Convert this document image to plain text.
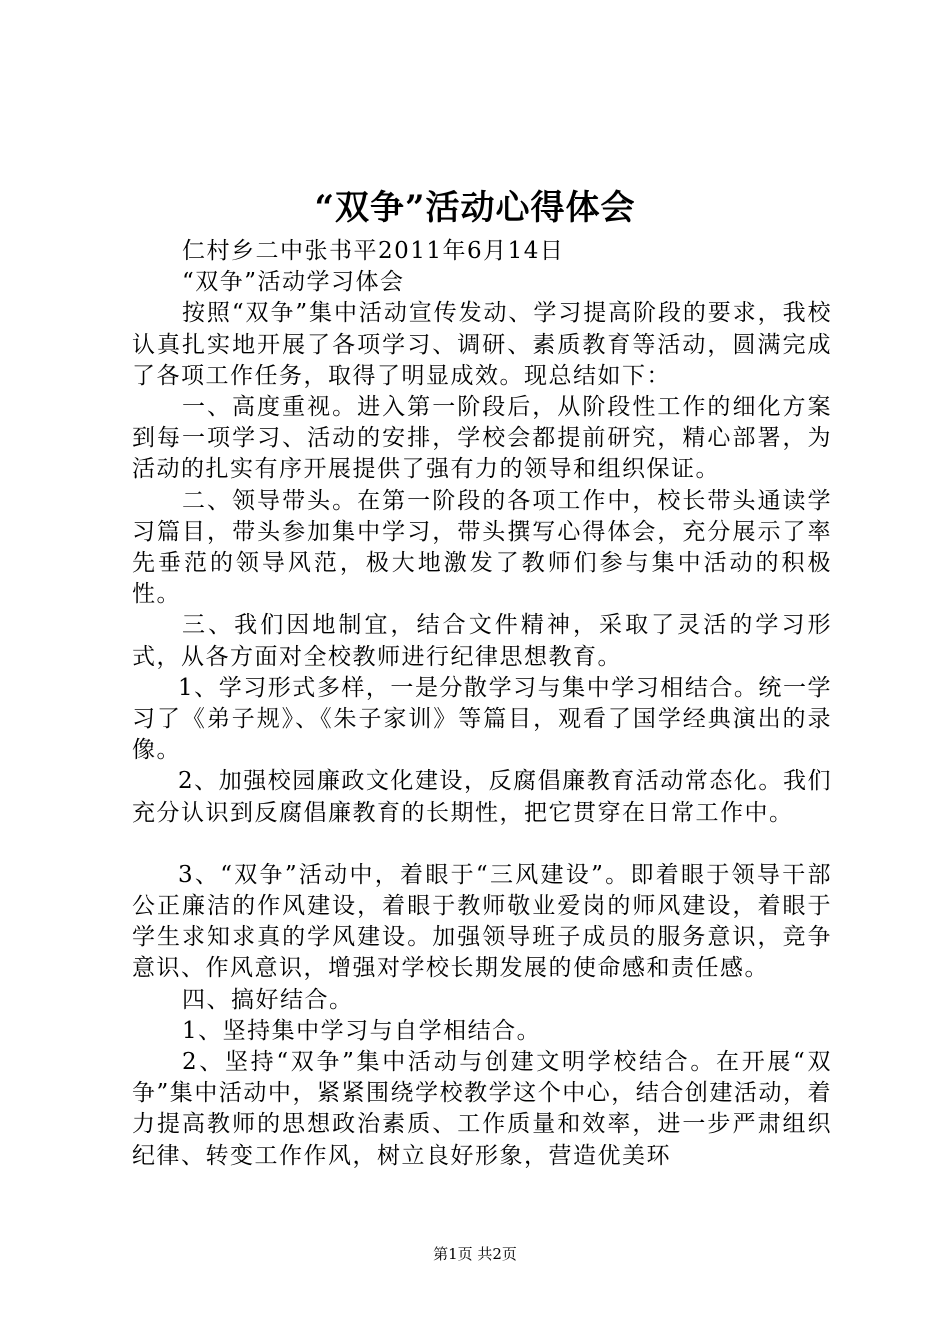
“双争”活动心得体会

仁村乡二中张书平2011年6月14日

“双争”活动学习体会

按照“双争”集中活动宣传发动、学习提高阶段的要求，我校认真扎实地开展了各项学习、调研、素质教育等活动，圆满完成了各项工作任务，取得了明显成效。现总结如下：

一、高度重视。进入第一阶段后，从阶段性工作的细化方案到每一项学习、活动的安排，学校会都提前研究，精心部署，为活动的扎实有序开展提供了强有力的领导和组织保证。

二、领导带头。在第一阶段的各项工作中，校长带头通读学习篇目，带头参加集中学习，带头撰写心得体会，充分展示了率先垂范的领导风范，极大地激发了教师们参与集中活动的积极性。

三、我们因地制宜，结合文件精神，采取了灵活的学习形式，从各方面对全校教师进行纪律思想教育。

1、学习形式多样，一是分散学习与集中学习相结合。统一学习了《弟子规》、《朱子家训》等篇目，观看了国学经典演出的录像。

2、加强校园廉政文化建设，反腐倡廉教育活动常态化。我们充分认识到反腐倡廉教育的长期性，把它贯穿在日常工作中。

3、“双争”活动中，着眼于“三风建设”。即着眼于领导干部公正廉洁的作风建设，着眼于教师敬业爱岗的师风建设，着眼于学生求知求真的学风建设。加强领导班子成员的服务意识，竞争意识、作风意识，增强对学校长期发展的使命感和责任感。

四、搞好结合。

1、坚持集中学习与自学相结合。

2、坚持“双争”集中活动与创建文明学校结合。在开展“双争”集中活动中，紧紧围绕学校教学这个中心，结合创建活动，着力提高教师的思想政治素质、工作质量和效率，进一步严肃组织纪律、转变工作作风，树立良好形象，营造优美环

第1页 共2页
